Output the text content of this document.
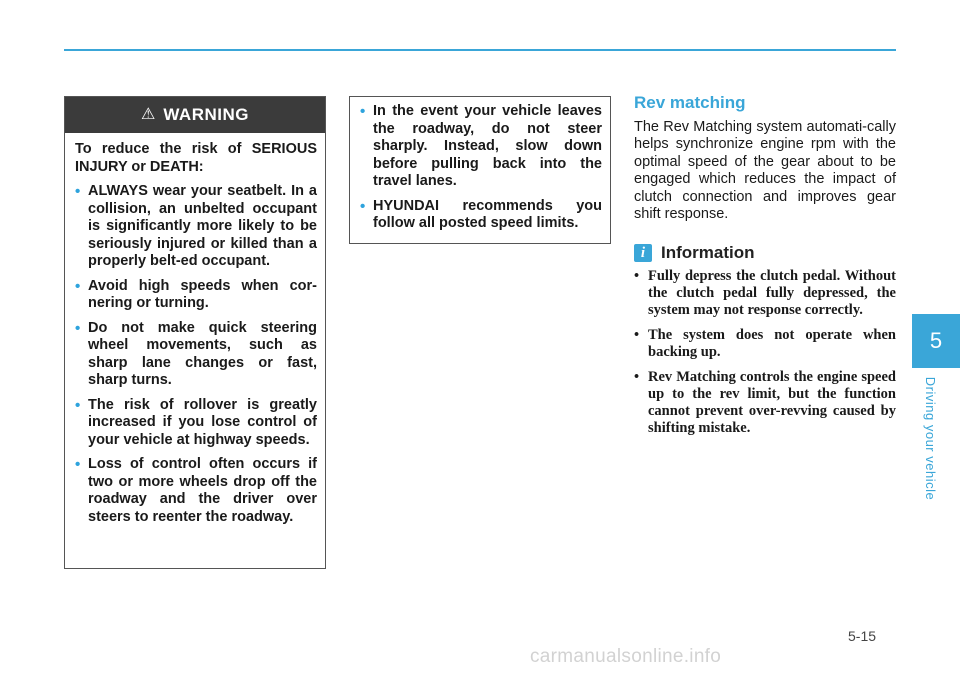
⚠ WARNING

To reduce the risk of SERIOUS INJURY or DEATH:

• ALWAYS wear your seatbelt. In a collision, an unbelted occupant is significantly more likely to be seriously injured or killed than a properly belt-ed occupant.
• Avoid high speeds when cor-nering or turning.
• Do not make quick steering wheel movements, such as sharp lane changes or fast, sharp turns.
• The risk of rollover is greatly increased if you lose control of your vehicle at highway speeds.
• Loss of control often occurs if two or more wheels drop off the roadway and the driver over steers to reenter the roadway.
• In the event your vehicle leaves the roadway, do not steer sharply. Instead, slow down before pulling back into the travel lanes.
• HYUNDAI recommends you follow all posted speed limits.
Rev matching

The Rev Matching system automati-cally helps synchronize engine rpm with the optimal speed of the gear about to be engaged which reduces the impact of clutch connection and improves gear shift response.

i Information
• Fully depress the clutch pedal. Without the clutch pedal fully depressed, the system may not response correctly.
• The system does not operate when backing up.
• Rev Matching controls the engine speed up to the rev limit, but the function cannot prevent over-revving caused by shifting mistake.
5
Driving your vehicle
5-15
carmanualsonline.info
